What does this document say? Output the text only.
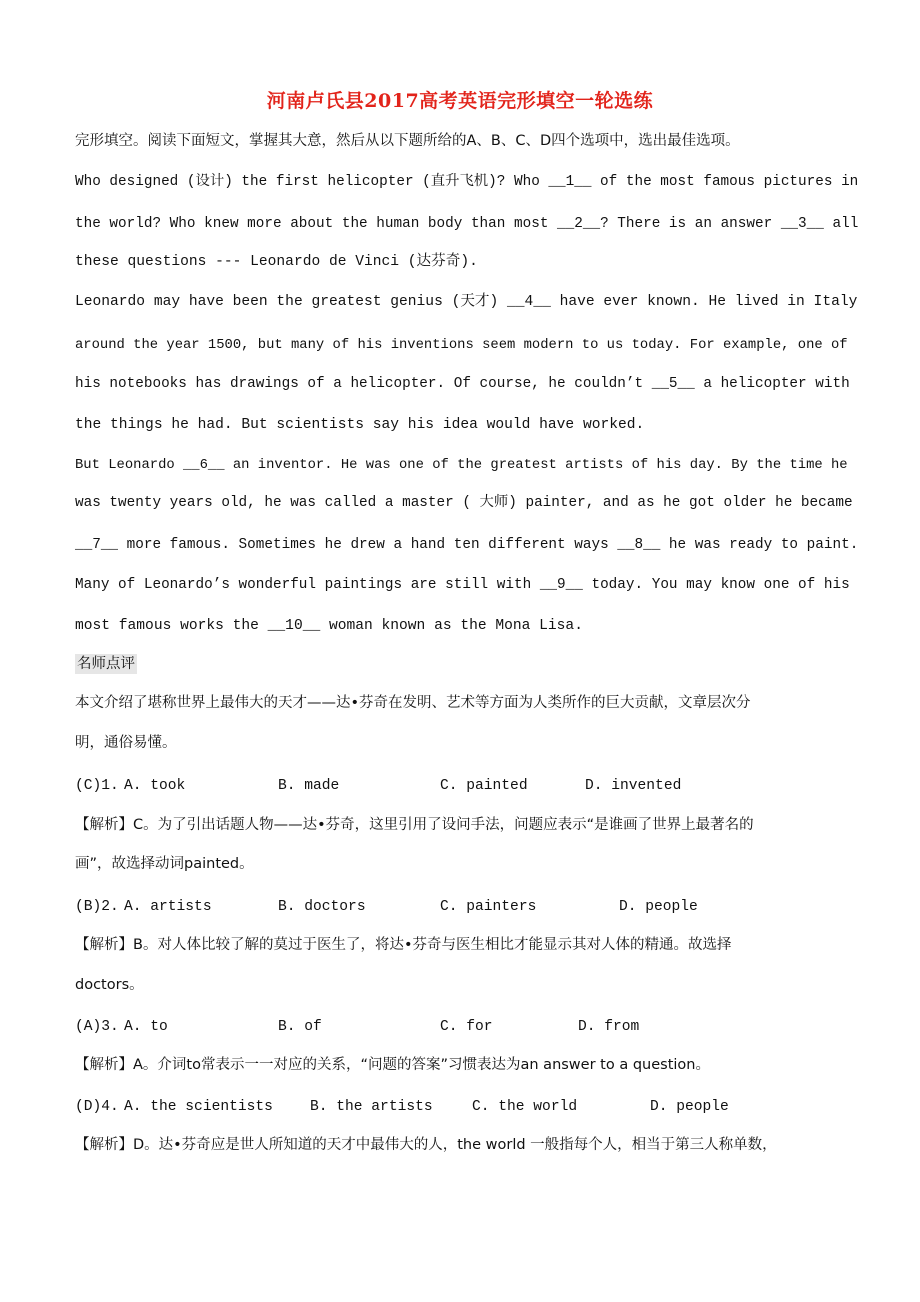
河南卢氏县2017高考英语完形填空一轮选练
完形填空。阅读下面短文，掌握其大意，然后从以下题所给的A、B、C、D四个选项中，选出最佳选项。
Who designed (设计) the first helicopter (直升飞机)? Who __1__ of the most famous pictures in
the world? Who knew more about the human body than most __2__? There is an answer __3__ all
these questions --- Leonardo de Vinci (达芬奇).
Leonardo may have been the greatest genius (天才) __4__ have ever known. He lived in Italy
around the year 1500, but many of his inventions seem modern to us today. For example, one of
his notebooks has drawings of a helicopter. Of course, he couldn’t __5__ a helicopter with
the things he had. But scientists say his idea would have worked.
But Leonardo __6__ an inventor. He was one of the greatest artists of his day. By the time he
was twenty years old, he was called a master ( 大师) painter, and as he got older he became
__7__ more famous. Sometimes he drew a hand ten different ways __8__ he was ready to paint.
Many of Leonardo’s wonderful paintings are still with __9__ today. You may know one of his
most famous works the __10__ woman known as the Mona Lisa.
名师点评
本文介绍了堪称世界上最伟大的天才——达•芬奇在发明、艺术等方面为人类所作的巨大贡献，文章层次分
明，通俗易懂。
(C)1. A. took	B. made	C. painted	D. invented
【解析】C。为了引出话题人物——达•芬奇，这里引用了设问手法，问题应表示“是谁画了世界上最著名的
画”，故选择动词painted。
(B)2. A. artists	B. doctors	C. painters	D. people
【解析】B。对人体比较了解的莫过于医生了，将达•芬奇与医生相比才能显示其对人体的精通。故选择
doctors。
(A)3. A. to	B. of	C. for	D. from
【解析】A。介词to常表示一一对应的关系，“问题的答案”习惯表达为an answer to a question。
(D)4. A. the scientists	B. the artists	C. the world	D. people
【解析】D。达•芬奇应是世人所知道的天才中最伟大的人，the world 一般指每个人，相当于第三人称单数，
